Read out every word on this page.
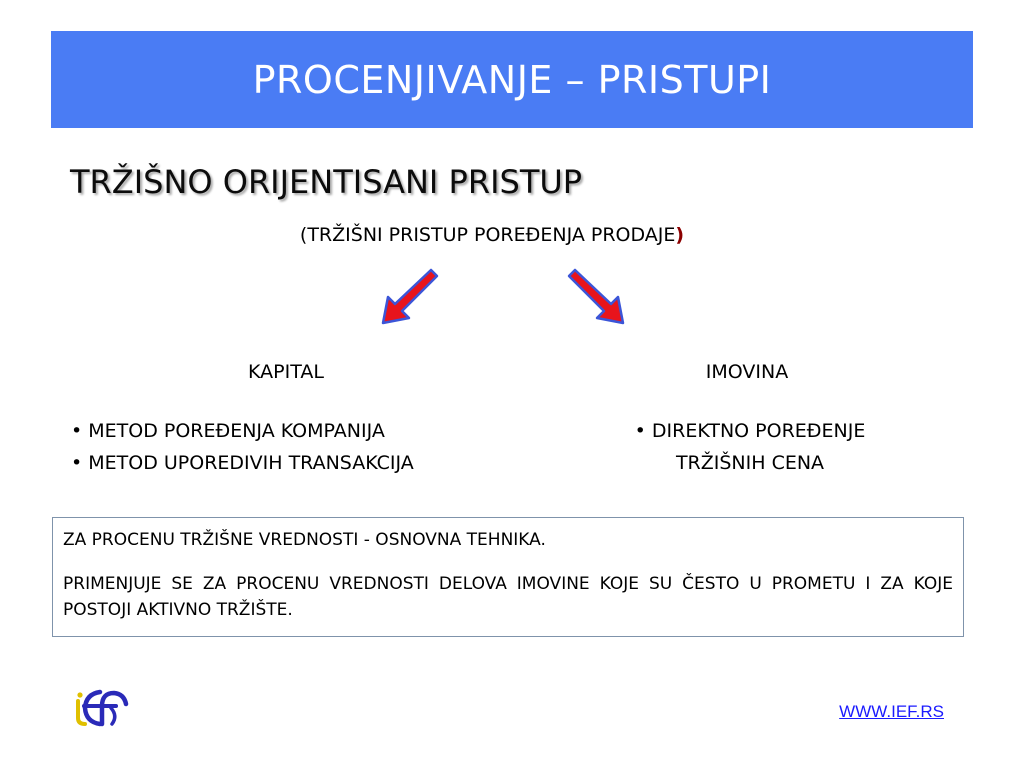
PROCENJIVANJE – PRISTUPI
TRŽIŠNO ORIJENTISANI PRISTUP
(TRŽIŠNI PRISTUP POREĐENJA PRODAJE)
KAPITAL	IMOVINA
• METOD POREĐENJA KOMPANIJA
• METOD UPOREDIVIH TRANSAKCIJA
• DIREKTNO POREĐENJE
TRŽIŠNIH CENA

ZA PROCENU TRŽIŠNE VREDNOSTI - OSNOVNA TEHNIKA.

PRIMENJUJE SE ZA PROCENU VREDNOSTI DELOVA IMOVINE KOJE SU ČESTO U PROMETU I ZA KOJE POSTOJI AKTIVNO TRŽIŠTE.

WWW.IEF.RS
